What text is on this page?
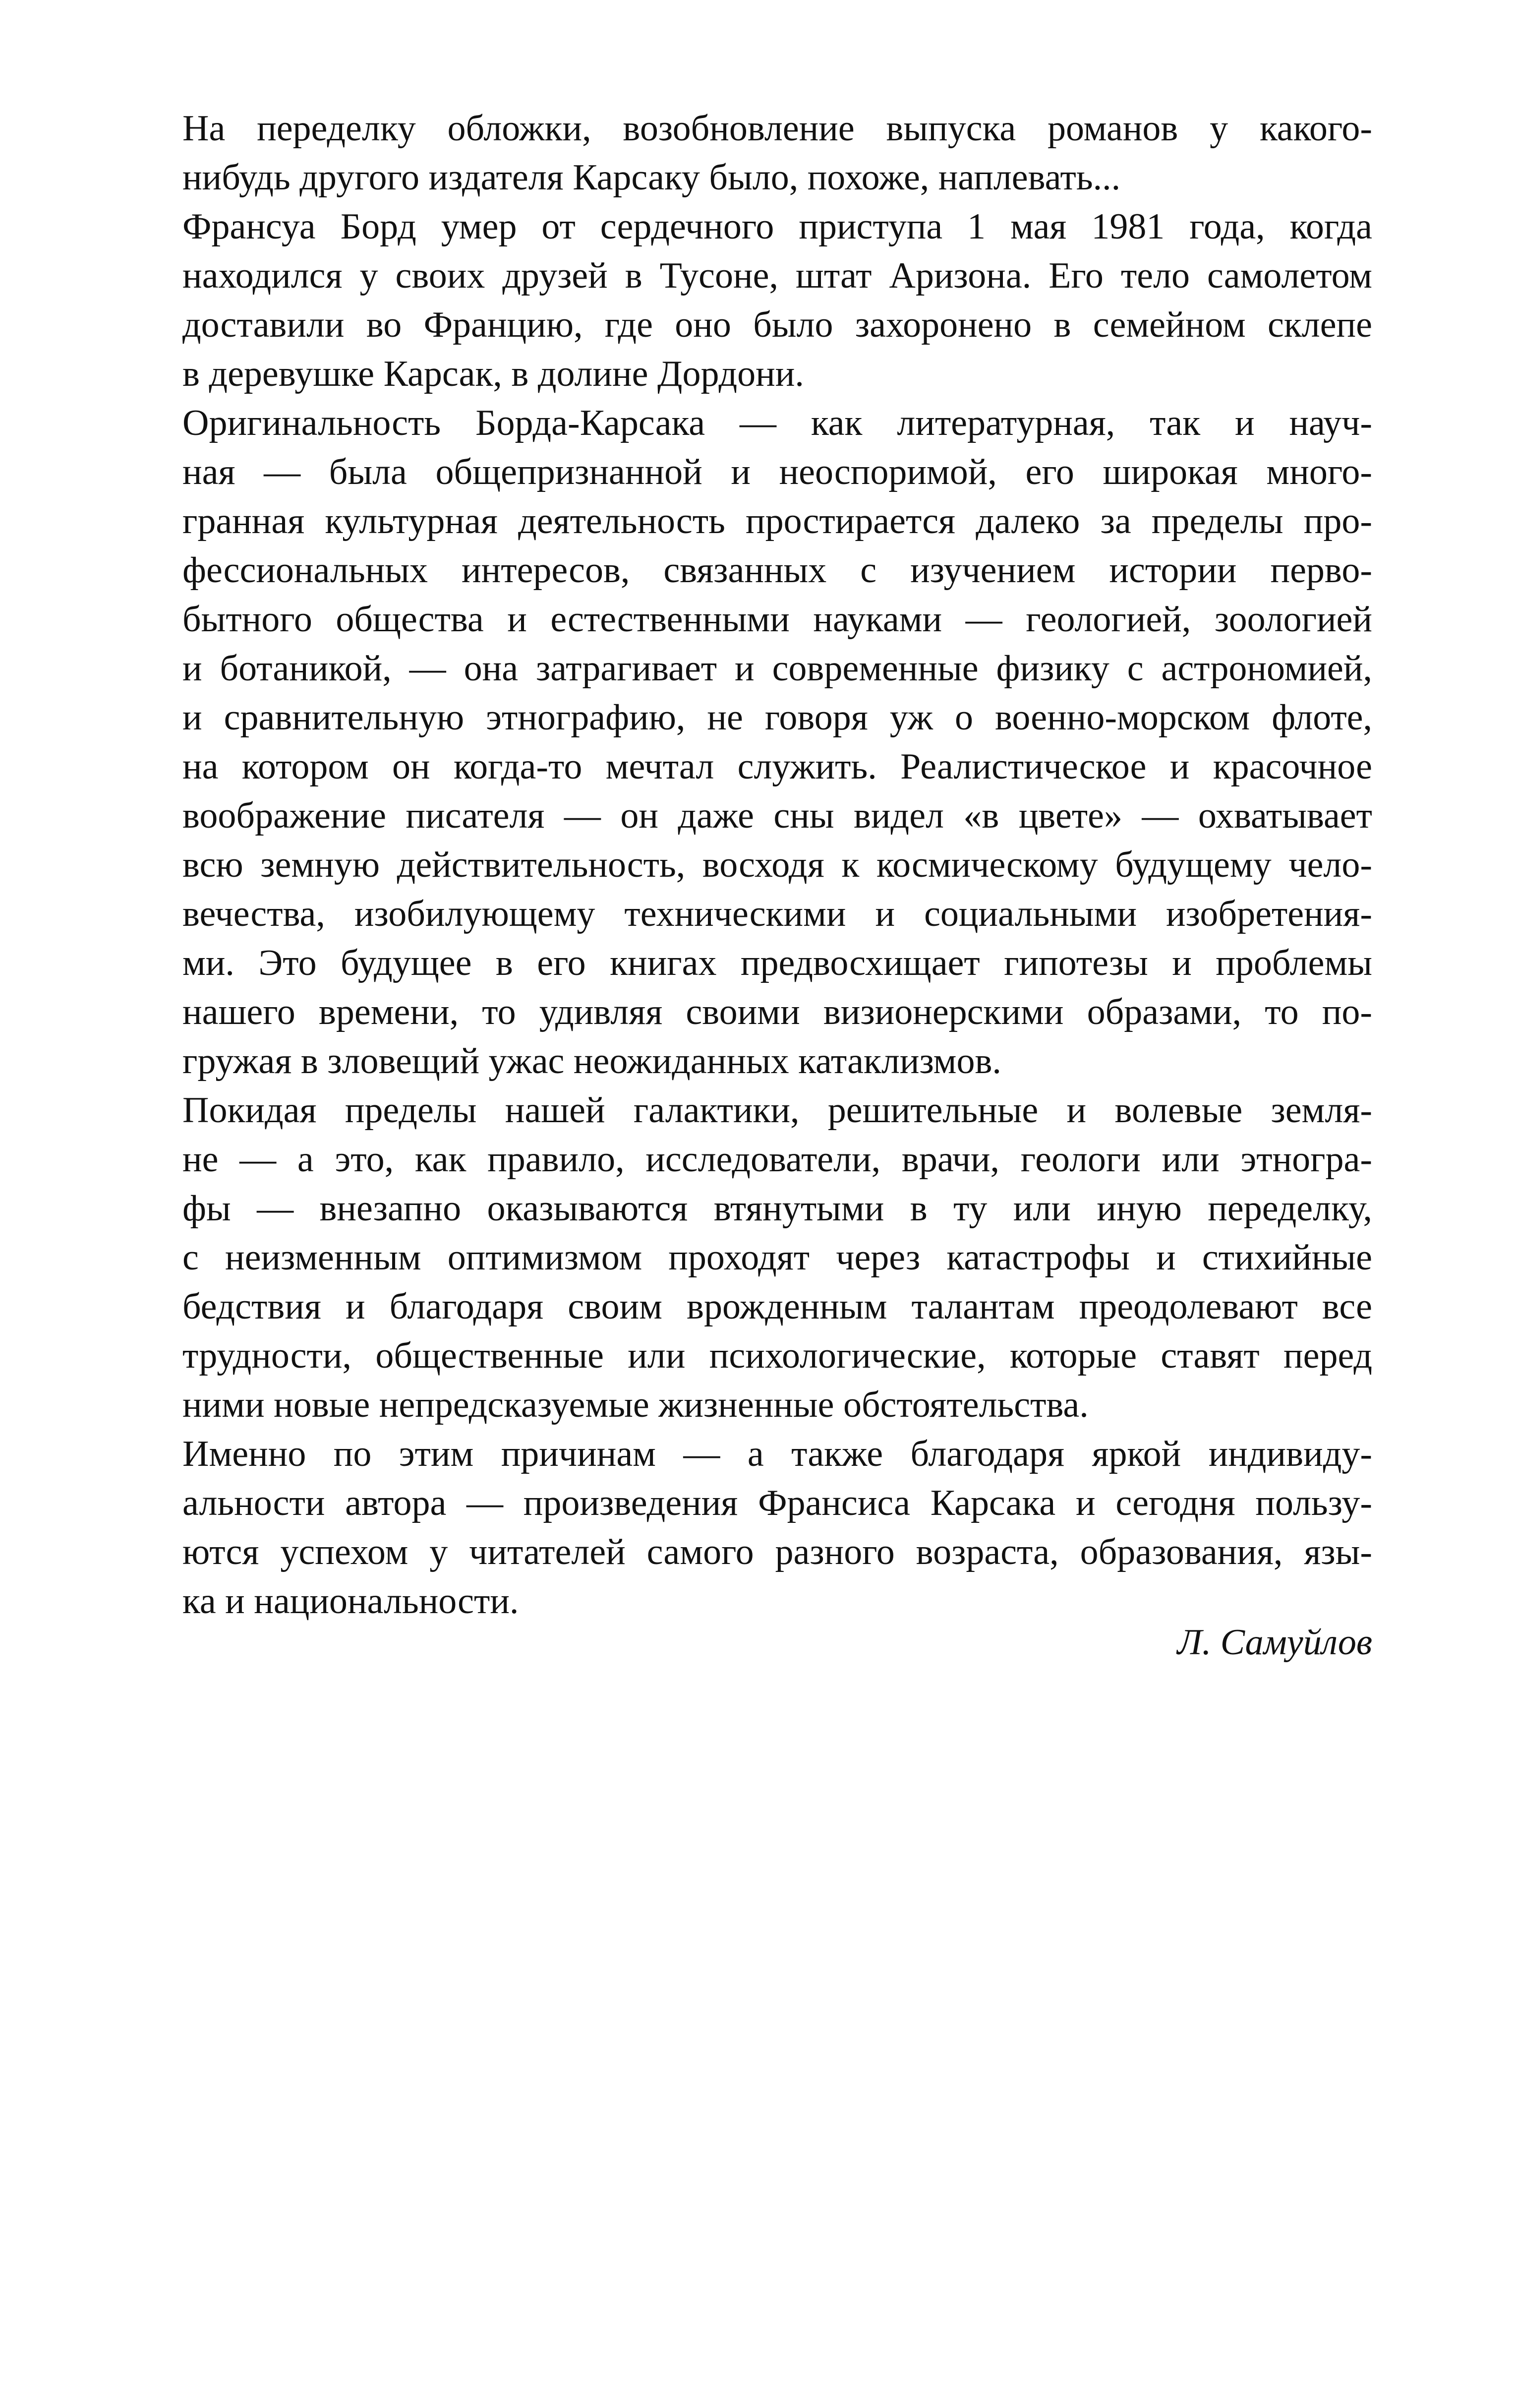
На переделку обложки, возобновление выпуска романов у какого-
нибудь другого издателя Карсаку было, похоже, наплевать...
Франсуа Борд умер от сердечного приступа 1 мая 1981 года, когда
находился у своих друзей в Тусоне, штат Аризона. Его тело самолетом
доставили во Францию, где оно было захоронено в семейном склепе
в деревушке Карсак, в долине Дордони.
Оригинальность Борда-Карсака — как литературная, так и науч-
ная — была общепризнанной и неоспоримой, его широкая много-
гранная культурная деятельность простирается далеко за пределы про-
фессиональных интересов, связанных с изучением истории перво-
бытного общества и естественными науками — геологией, зоологией
и ботаникой, — она затрагивает и современные физику с астрономией,
и сравнительную этнографию, не говоря уж о военно-морском флоте,
на котором он когда-то мечтал служить. Реалистическое и красочное
воображение писателя — он даже сны видел «в цвете» — охватывает
всю земную действительность, восходя к космическому будущему чело-
вечества, изобилующему техническими и социальными изобретения-
ми. Это будущее в его книгах предвосхищает гипотезы и проблемы
нашего времени, то удивляя своими визионерскими образами, то по-
гружая в зловещий ужас неожиданных катаклизмов.
Покидая пределы нашей галактики, решительные и волевые земля-
не — а это, как правило, исследователи, врачи, геологи или этногра-
фы — внезапно оказываются втянутыми в ту или иную переделку,
с неизменным оптимизмом проходят через катастрофы и стихийные
бедствия и благодаря своим врожденным талантам преодолевают все
трудности, общественные или психологические, которые ставят перед
ними новые непредсказуемые жизненные обстоятельства.
Именно по этим причинам — а также благодаря яркой индивиду-
альности автора — произведения Франсиса Карсака и сегодня пользу-
ются успехом у читателей самого разного возраста, образования, язы-
ка и национальности.
Л. Самуйлов
